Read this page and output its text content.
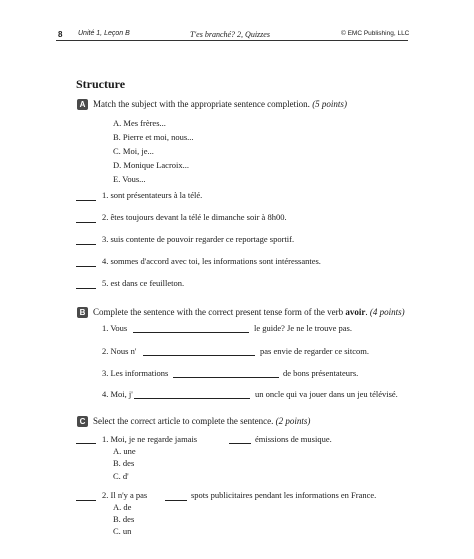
8 Unité 1, Leçon B	T'es branché? 2, Quizzes	© EMC Publishing, LLC
Structure
A Match the subject with the appropriate sentence completion. (5 points)
A. Mes frères...
B. Pierre et moi, nous...
C. Moi, je...
D. Monique Lacroix...
E. Vous...
1. sont présentateurs à la télé.
2. êtes toujours devant la télé le dimanche soir à 8h00.
3. suis contente de pouvoir regarder ce reportage sportif.
4. sommes d'accord avec toi, les informations sont intéressantes.
5. est dans ce feuilleton.
B Complete the sentence with the correct present tense form of the verb avoir. (4 points)
1. Vous	le guide? Je ne le trouve pas.
2. Nous n'	pas envie de regarder ce sitcom.
3. Les informations	de bons présentateurs.
4. Moi, j'	un oncle qui va jouer dans un jeu télévisé.
C Select the correct article to complete the sentence. (2 points)
1. Moi, je ne regarde jamais	émissions de musique.
A. une
B. des
C. d'
2. Il n'y a pas	spots publicitaires pendant les informations en France.
A. de
B. des
C. un
